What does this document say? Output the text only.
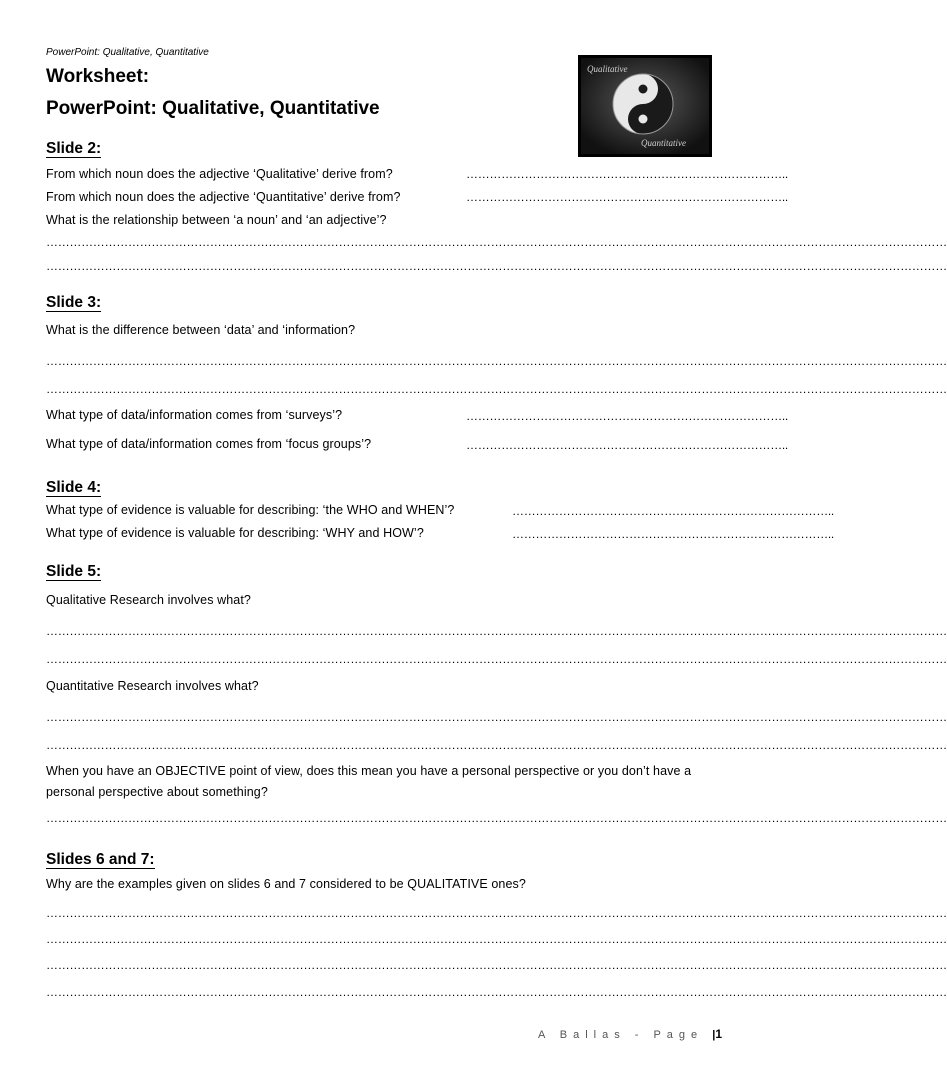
PowerPoint: Qualitative, Quantitative
Worksheet:
PowerPoint: Qualitative, Quantitative
Qualitative
Quantitative
Slide 2:
From which noun does the adjective ‘Qualitative’ derive from?	………………………………………………………………………..
From which noun does the adjective ‘Quantitative’ derive from?	………………………………………………………………………..
What is the relationship between ‘a noun’ and ‘an adjective’?
……………………………………………………………………………………………………………………………………………………………………………………………………………
……………………………………………………………………………………………………………………………………………………………………………………………………………
Slide 3:
What is the difference between ‘data’ and ‘information?
……………………………………………………………………………………………………………………………………………………………………………………………………………
……………………………………………………………………………………………………………………………………………………………………………………………………………
What type of data/information comes from ‘surveys’?	………………………………………………………………………..
What type of data/information comes from ‘focus groups’?	………………………………………………………………………..
Slide 4:
What type of evidence is valuable for describing: ‘the WHO and WHEN’?	………………………………………………………………………..
What type of evidence is valuable for describing: ‘WHY and HOW’?	………………………………………………………………………..
Slide 5:
Qualitative Research involves what?
……………………………………………………………………………………………………………………………………………………………………………………………………………
……………………………………………………………………………………………………………………………………………………………………………………………………………
Quantitative Research involves what?
……………………………………………………………………………………………………………………………………………………………………………………………………………
……………………………………………………………………………………………………………………………………………………………………………………………………………
When you have an OBJECTIVE point of view, does this mean you have a personal perspective or you don’t have a personal perspective about something?
……………………………………………………………………………………………………………………………………………………………………………………………………………
Slides 6 and 7:
Why are the examples given on slides 6 and 7 considered to be QUALITATIVE ones?
……………………………………………………………………………………………………………………………………………………………………………………………………………
……………………………………………………………………………………………………………………………………………………………………………………………………………
……………………………………………………………………………………………………………………………………………………………………………………………………………
……………………………………………………………………………………………………………………………………………………………………………………………………………
A Ballas - Page |1
